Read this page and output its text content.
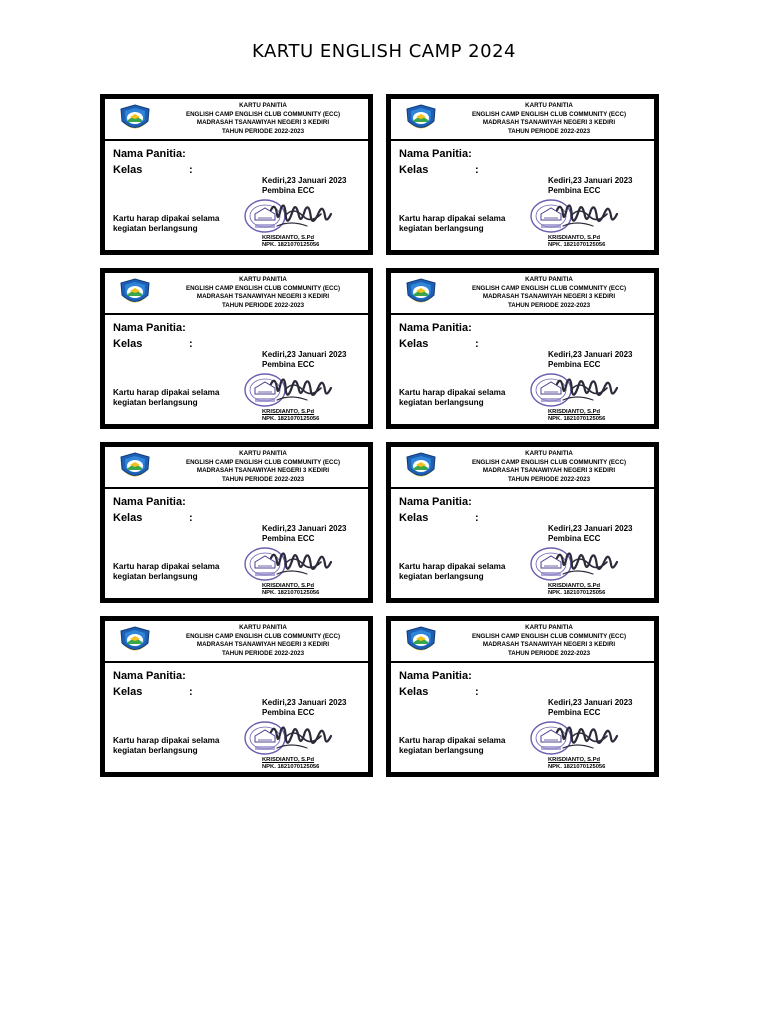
KARTU ENGLISH CAMP 2024
KARTU PANITIA
ENGLISH CAMP ENGLISH CLUB COMMUNITY (ECC)
MADRASAH TSANAWIYAH NEGERI 3 KEDIRI
TAHUN PERIODE 2022-2023
Nama Panitia:
Kelas	:
Kartu harap dipakai selama kegiatan berlangsung
Kediri,23 Januari 2023
Pembina ECC
KRISDIANTO, S.Pd
NPK. 1821070125056
KARTU PANITIA
ENGLISH CAMP ENGLISH CLUB COMMUNITY (ECC)
MADRASAH TSANAWIYAH NEGERI 3 KEDIRI
TAHUN PERIODE 2022-2023
Nama Panitia:
Kelas	:
Kartu harap dipakai selama kegiatan berlangsung
Kediri,23 Januari 2023
Pembina ECC
KRISDIANTO, S.Pd
NPK. 1821070125056
KARTU PANITIA
ENGLISH CAMP ENGLISH CLUB COMMUNITY (ECC)
MADRASAH TSANAWIYAH NEGERI 3 KEDIRI
TAHUN PERIODE 2022-2023
Nama Panitia:
Kelas	:
Kartu harap dipakai selama kegiatan berlangsung
Kediri,23 Januari 2023
Pembina ECC
KRISDIANTO, S.Pd
NPK. 1821070125056
KARTU PANITIA
ENGLISH CAMP ENGLISH CLUB COMMUNITY (ECC)
MADRASAH TSANAWIYAH NEGERI 3 KEDIRI
TAHUN PERIODE 2022-2023
Nama Panitia:
Kelas	:
Kartu harap dipakai selama kegiatan berlangsung
Kediri,23 Januari 2023
Pembina ECC
KRISDIANTO, S.Pd
NPK. 1821070125056
KARTU PANITIA
ENGLISH CAMP ENGLISH CLUB COMMUNITY (ECC)
MADRASAH TSANAWIYAH NEGERI 3 KEDIRI
TAHUN PERIODE 2022-2023
Nama Panitia:
Kelas	:
Kartu harap dipakai selama kegiatan berlangsung
Kediri,23 Januari 2023
Pembina ECC
KRISDIANTO, S.Pd
NPK. 1821070125056
KARTU PANITIA
ENGLISH CAMP ENGLISH CLUB COMMUNITY (ECC)
MADRASAH TSANAWIYAH NEGERI 3 KEDIRI
TAHUN PERIODE 2022-2023
Nama Panitia:
Kelas	:
Kartu harap dipakai selama kegiatan berlangsung
Kediri,23 Januari 2023
Pembina ECC
KRISDIANTO, S.Pd
NPK. 1821070125056
KARTU PANITIA
ENGLISH CAMP ENGLISH CLUB COMMUNITY (ECC)
MADRASAH TSANAWIYAH NEGERI 3 KEDIRI
TAHUN PERIODE 2022-2023
Nama Panitia:
Kelas	:
Kartu harap dipakai selama kegiatan berlangsung
Kediri,23 Januari 2023
Pembina ECC
KRISDIANTO, S.Pd
NPK. 1821070125056
KARTU PANITIA
ENGLISH CAMP ENGLISH CLUB COMMUNITY (ECC)
MADRASAH TSANAWIYAH NEGERI 3 KEDIRI
TAHUN PERIODE 2022-2023
Nama Panitia:
Kelas	:
Kartu harap dipakai selama kegiatan berlangsung
Kediri,23 Januari 2023
Pembina ECC
KRISDIANTO, S.Pd
NPK. 1821070125056
